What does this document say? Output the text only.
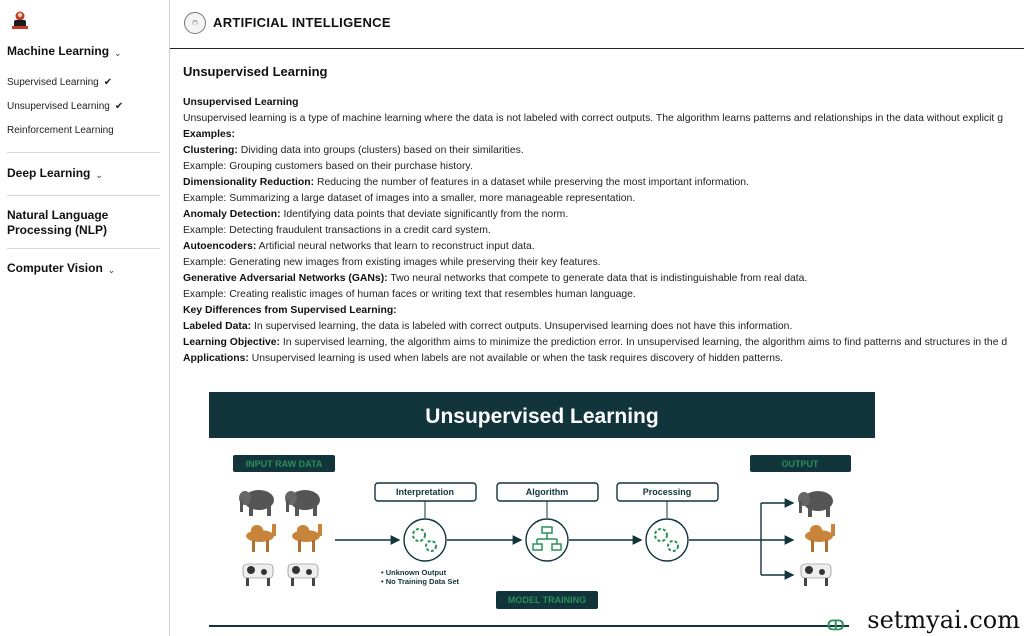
Machine Learning ⌄
Supervised Learning ✔
Unsupervised Learning ✔
Reinforcement Learning
Deep Learning ⌄
Natural Language Processing (NLP)
Computer Vision ⌄
(*) ARTIFICIAL INTELLIGENCE
Unsupervised Learning
Unsupervised Learning
Unsupervised learning is a type of machine learning where the data is not labeled with correct outputs. The algorithm learns patterns and relationships in the data without explicit g
Examples:
Clustering: Dividing data into groups (clusters) based on their similarities.
Example: Grouping customers based on their purchase history.
Dimensionality Reduction: Reducing the number of features in a dataset while preserving the most important information.
Example: Summarizing a large dataset of images into a smaller, more manageable representation.
Anomaly Detection: Identifying data points that deviate significantly from the norm.
Example: Detecting fraudulent transactions in a credit card system.
Autoencoders: Artificial neural networks that learn to reconstruct input data.
Example: Generating new images from existing images while preserving their key features.
Generative Adversarial Networks (GANs): Two neural networks that compete to generate data that is indistinguishable from real data.
Example: Creating realistic images of human faces or writing text that resembles human language.
Key Differences from Supervised Learning:
Labeled Data: In supervised learning, the data is labeled with correct outputs. Unsupervised learning does not have this information.
Learning Objective: In supervised learning, the algorithm aims to minimize the prediction error. In unsupervised learning, the algorithm aims to find patterns and structures in the d
Applications: Unsupervised learning is used when labels are not available or when the task requires discovery of hidden patterns.
Unsupervised Learning
INPUT RAW DATA	OUTPUT
Interpretation	Algorithm	Processing
• Unknown Output
• No Training Data Set
MODEL TRAINING
ↀ setmyai.com
